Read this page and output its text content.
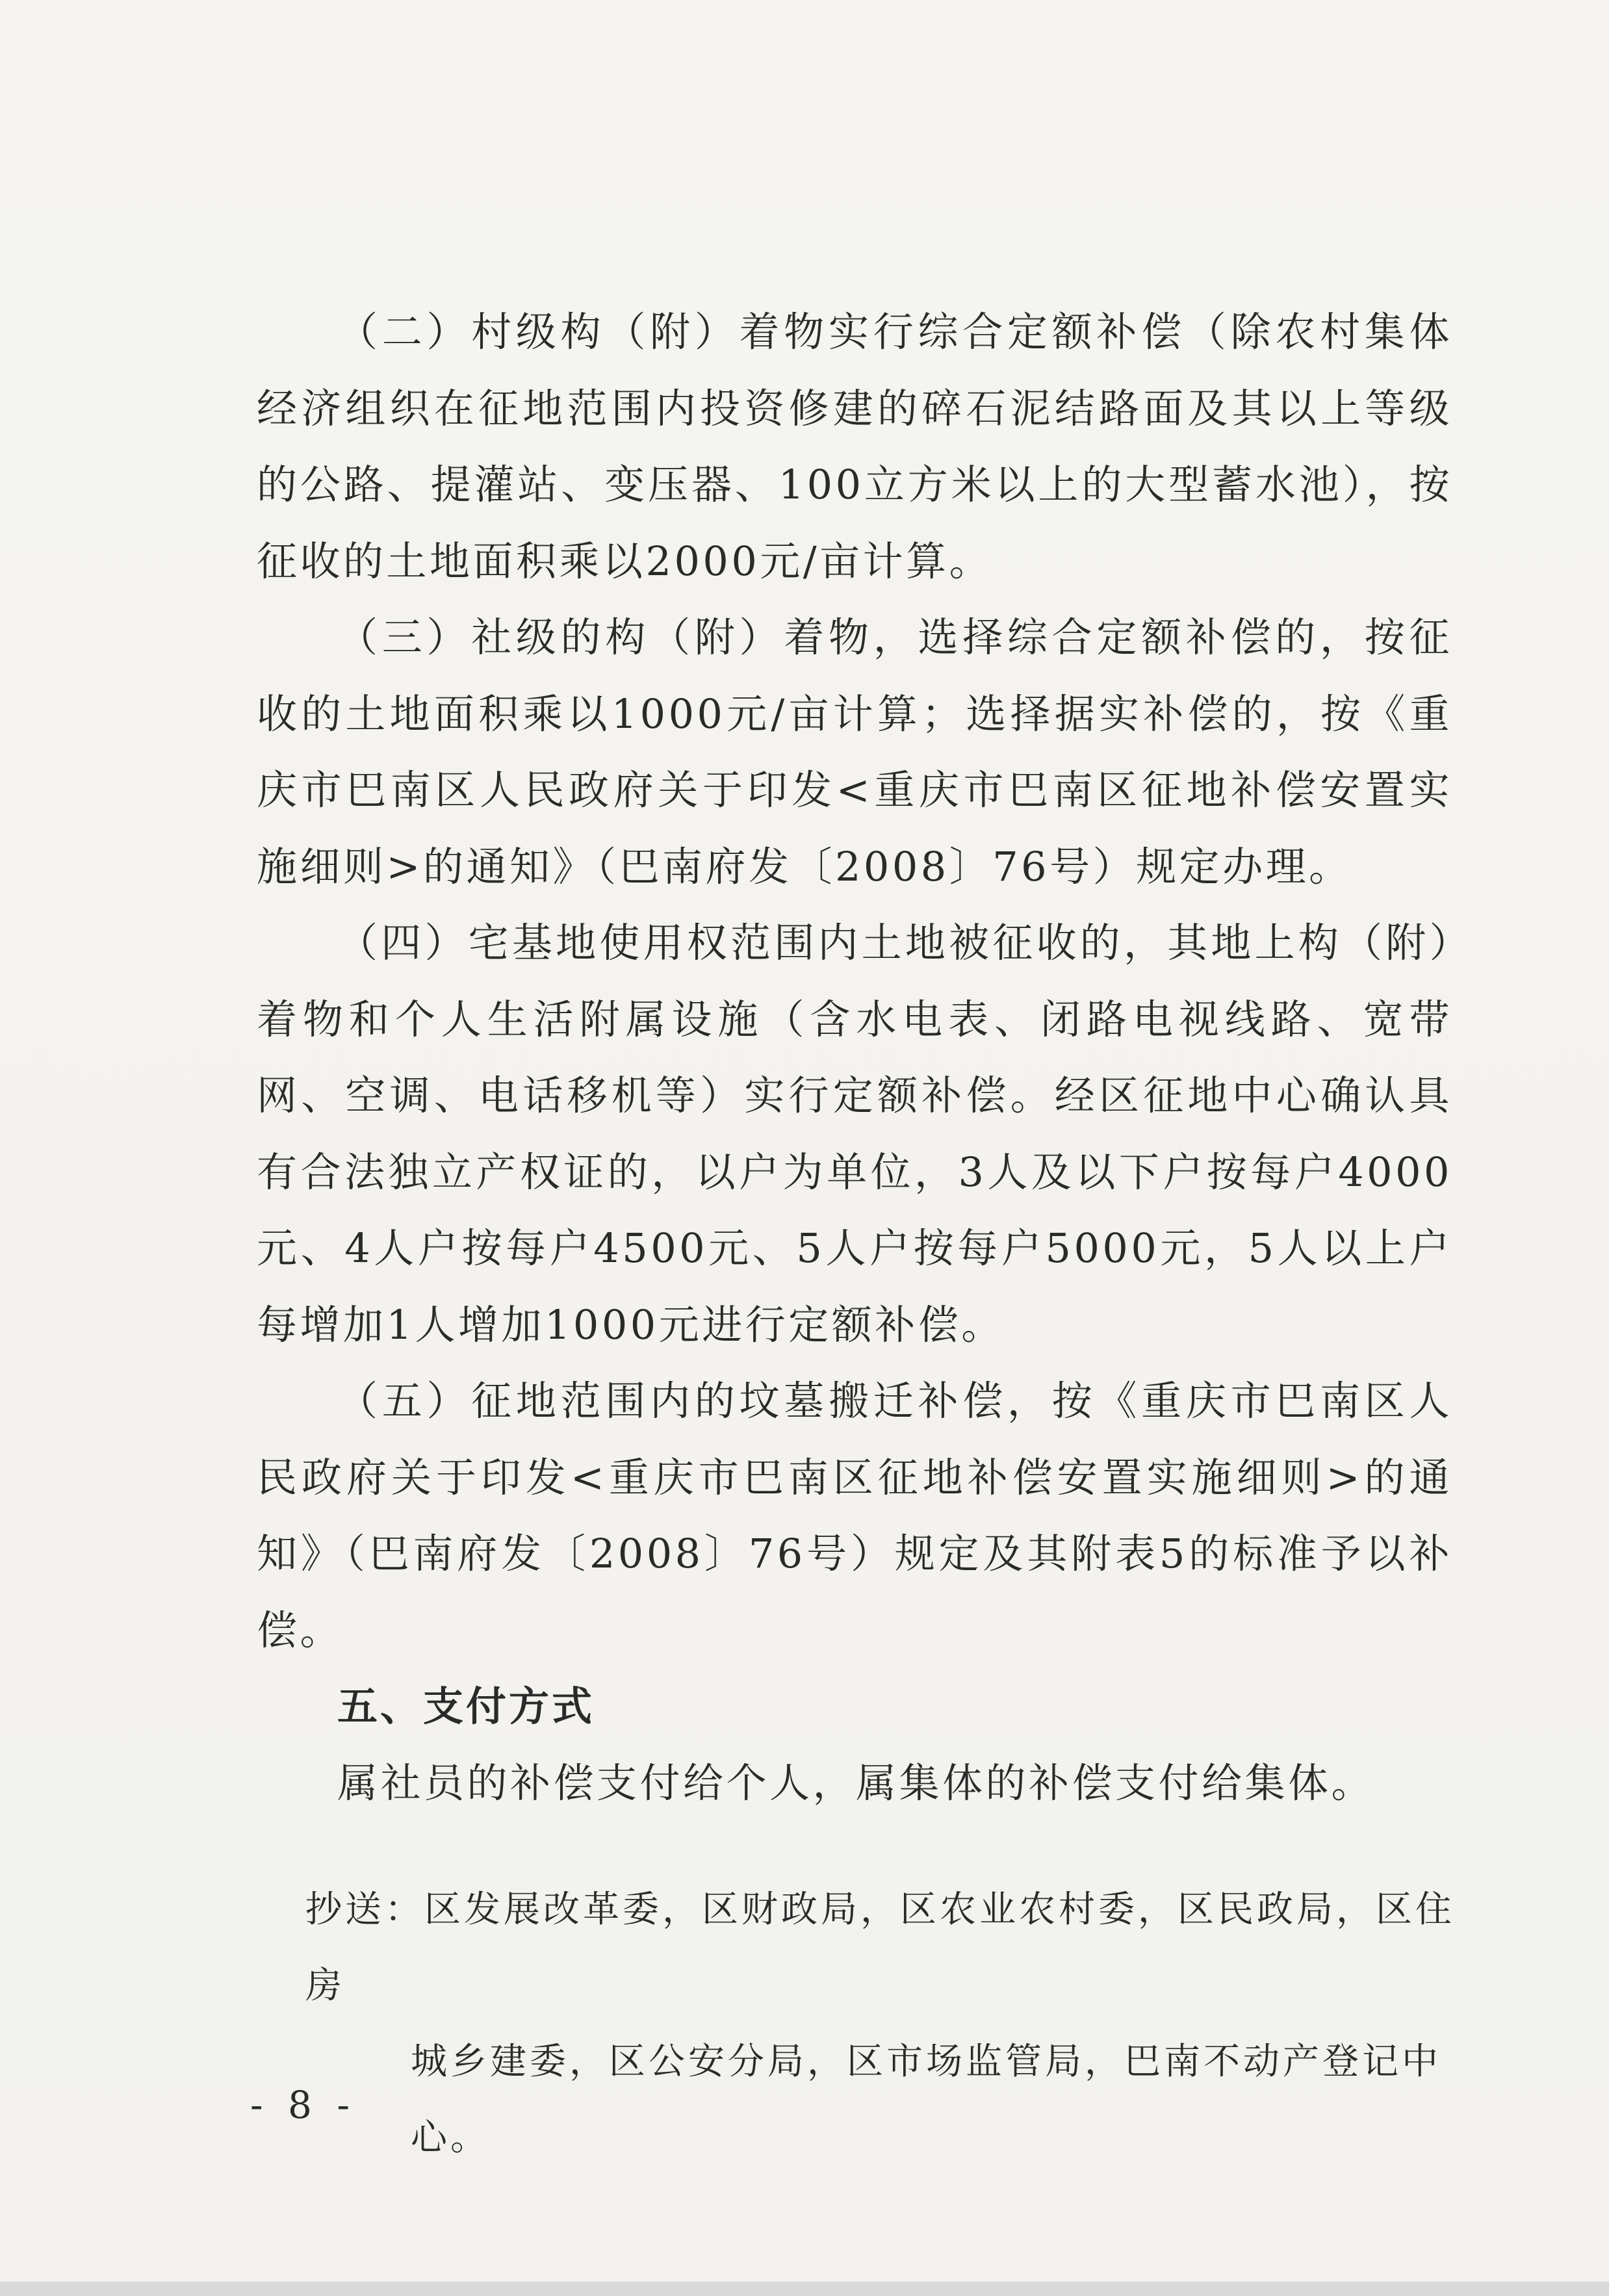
（二）村级构（附）着物实行综合定额补偿（除农村集体经济组织在征地范围内投资修建的碎石泥结路面及其以上等级的公路、提灌站、变压器、100立方米以上的大型蓄水池），按征收的土地面积乘以2000元/亩计算。

（三）社级的构（附）着物，选择综合定额补偿的，按征收的土地面积乘以1000元/亩计算；选择据实补偿的，按《重庆市巴南区人民政府关于印发<重庆市巴南区征地补偿安置实施细则>的通知》（巴南府发〔2008〕76号）规定办理。

（四）宅基地使用权范围内土地被征收的，其地上构（附）着物和个人生活附属设施（含水电表、闭路电视线路、宽带网、空调、电话移机等）实行定额补偿。经区征地中心确认具有合法独立产权证的，以户为单位，3人及以下户按每户4000元、4人户按每户4500元、5人户按每户5000元，5人以上户每增加1人增加1000元进行定额补偿。

（五）征地范围内的坟墓搬迁补偿，按《重庆市巴南区人民政府关于印发<重庆市巴南区征地补偿安置实施细则>的通知》（巴南府发〔2008〕76号）规定及其附表5的标准予以补偿。

五、支付方式

属社员的补偿支付给个人，属集体的补偿支付给集体。

抄送：区发展改革委，区财政局，区农业农村委，区民政局，区住房

城乡建委，区公安分局，区市场监管局，巴南不动产登记中心。

- 8 -
